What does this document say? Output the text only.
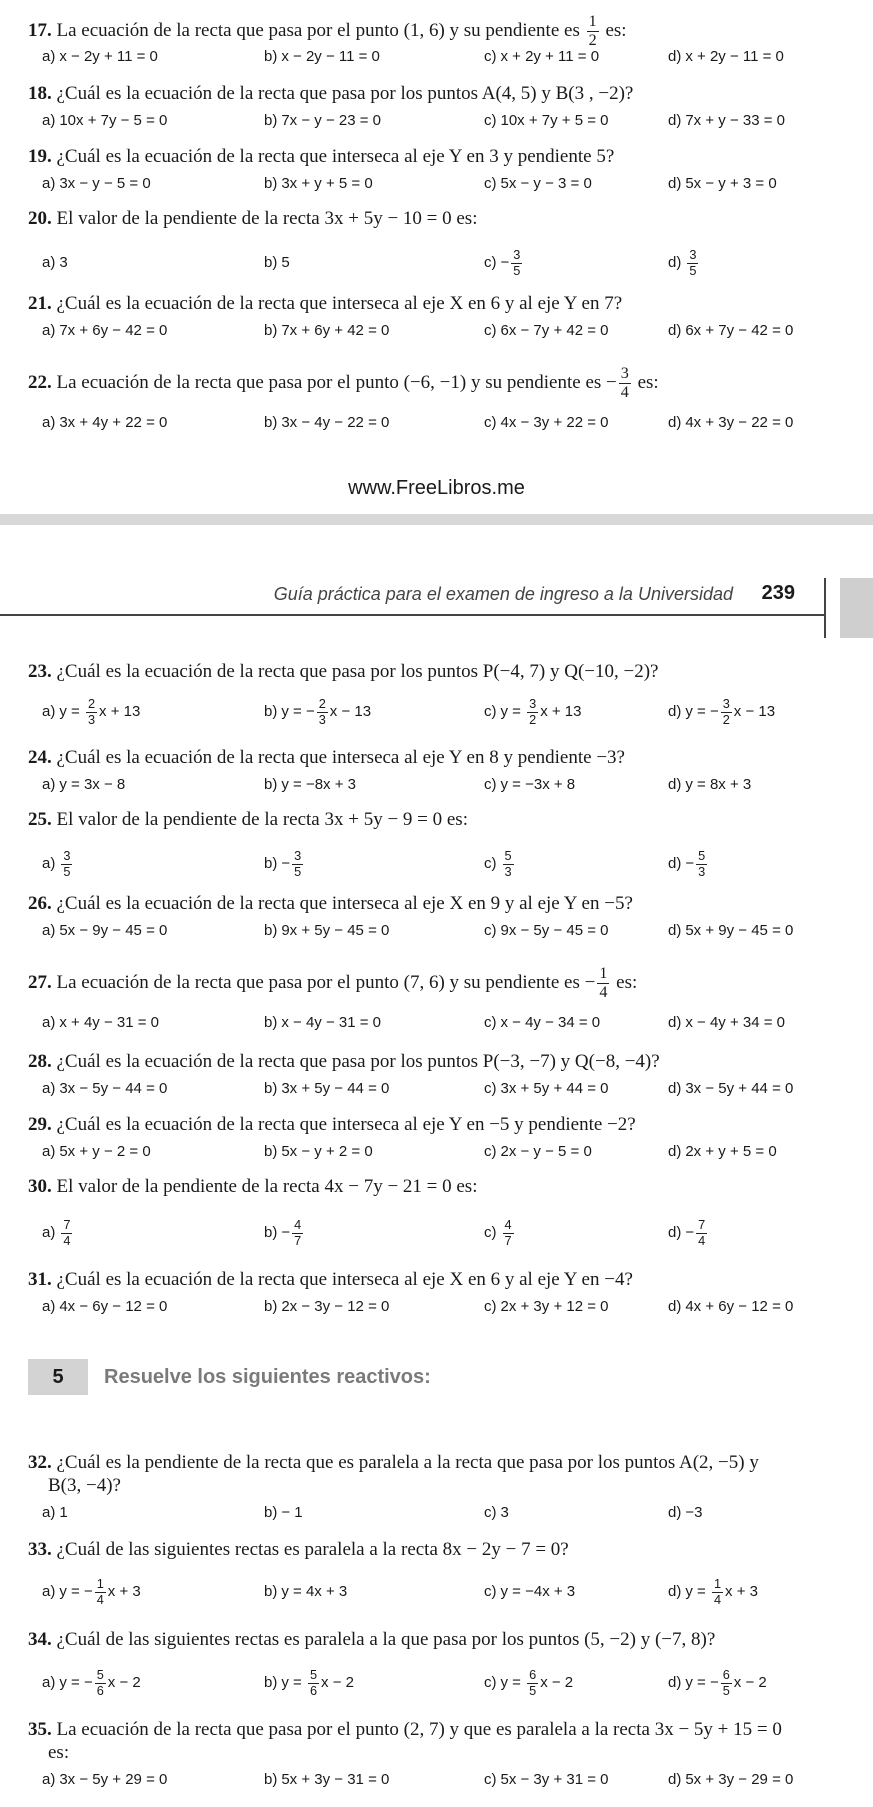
17. La ecuación de la recta que pasa por el punto (1, 6) y su pendiente es $\frac{1}{2}$ es:
a) x − 2y + 11 = 0	b) x − 2y − 11 = 0	c) x + 2y + 11 = 0	d) x + 2y − 11 = 0
18. ¿Cuál es la ecuación de la recta que pasa por los puntos A(4, 5) y B(3 , −2)?
a) 10x + 7y − 5 = 0	b) 7x − y − 23 = 0	c) 10x + 7y + 5 = 0	d) 7x + y − 33 = 0
19. ¿Cuál es la ecuación de la recta que interseca al eje Y en 3 y pendiente 5?
a) 3x − y − 5 = 0	b) 3x + y + 5 = 0	c) 5x − y − 3 = 0	d) 5x − y + 3 = 0
20. El valor de la pendiente de la recta 3x + 5y − 10 = 0 es:
a) 3	b) 5	$c) - \frac{3}{5}$	$d) \frac{3}{5}$
21. ¿Cuál es la ecuación de la recta que interseca al eje X en 6 y al eje Y en 7?
a) 7x + 6y − 42 = 0	b) 7x + 6y + 42 = 0	c) 6x − 7y + 42 = 0	d) 6x + 7y − 42 = 0
22. La ecuación de la recta que pasa por el punto (−6, −1) y su pendiente es − $\frac{3}{4}$ es:
a) 3x + 4y + 22 = 0	b) 3x − 4y − 22 = 0	c) 4x − 3y + 22 = 0	d) 4x + 3y − 22 = 0
www.FreeLibros.me
Guía práctica para el examen de ingreso a la Universidad 239
23. ¿Cuál es la ecuación de la recta que pasa por los puntos P(−4, 7) y Q(−10, −2)?
a) $y = \frac{2}{3}$ x + 13	b) y = − $\frac{2}{3}$ x − 13	c) $y = \frac{3}{2}$ x + 13	d) y = − $\frac{3}{2}$ x − 13
24. ¿Cuál es la ecuación de la recta que interseca al eje Y en 8 y pendiente −3?
a) y = 3x − 8	b) y = −8x + 3	c) y = −3x + 8	d) y = 8x + 3
25. El valor de la pendiente de la recta 3x + 5y − 9 = 0 es:
$a) \frac{3}{5}$	$b) - \frac{3}{5}$	$c) \frac{5}{3}$	$d) - \frac{5}{3}$
26. ¿Cuál es la ecuación de la recta que interseca al eje X en 9 y al eje Y en −5?
a) 5x − 9y − 45 = 0	b) 9x + 5y − 45 = 0	c) 9x − 5y − 45 = 0	d) 5x + 9y − 45 = 0
27. La ecuación de la recta que pasa por el punto (7, 6) y su pendiente es − $\frac{1}{4}$ es:
a) x + 4y − 31 = 0	b) x − 4y − 31 = 0	c) x − 4y − 34 = 0	d) x − 4y + 34 = 0
28. ¿Cuál es la ecuación de la recta que pasa por los puntos P(−3, −7) y Q(−8, −4)?
a) 3x − 5y − 44 = 0	b) 3x + 5y − 44 = 0	c) 3x + 5y + 44 = 0	d) 3x − 5y + 44 = 0
29. ¿Cuál es la ecuación de la recta que interseca al eje Y en −5 y pendiente −2?
a) 5x + y − 2 = 0	b) 5x − y + 2 = 0	c) 2x − y − 5 = 0	d) 2x + y + 5 = 0
30. El valor de la pendiente de la recta 4x − 7y − 21 = 0 es:
$a) \frac{7}{4}$	$b) - \frac{4}{7}$	$c) \frac{4}{7}$	$d) - \frac{7}{4}$
31. ¿Cuál es la ecuación de la recta que interseca al eje X en 6 y al eje Y en −4?
a) 4x − 6y − 12 = 0	b) 2x − 3y − 12 = 0	c) 2x + 3y + 12 = 0	d) 4x + 6y − 12 = 0
5	Resuelve los siguientes reactivos:
32. ¿Cuál es la pendiente de la recta que es paralela a la recta que pasa por los puntos A(2, −5) y
B(3, −4)?
a) 1	b) − 1	c) 3	d) −3
33. ¿Cuál de las siguientes rectas es paralela a la recta 8x − 2y − 7 = 0?
a) y = − $\frac{1}{4}$ x + 3	b) y = 4x + 3	c) y = −4x + 3	d) $y = \frac{1}{4}$ x + 3
34. ¿Cuál de las siguientes rectas es paralela a la que pasa por los puntos (5, −2) y (−7, 8)?
a) y = − $\frac{5}{6}$ x − 2	b) $y = \frac{5}{6}$ x − 2	c) $y = \frac{6}{5}$ x − 2	d) y = − $\frac{6}{5}$ x − 2
35. La ecuación de la recta que pasa por el punto (2, 7) y que es paralela a la recta 3x − 5y + 15 = 0
es:
a) 3x − 5y + 29 = 0	b) 5x + 3y − 31 = 0	c) 5x − 3y + 31 = 0	d) 5x + 3y − 29 = 0
